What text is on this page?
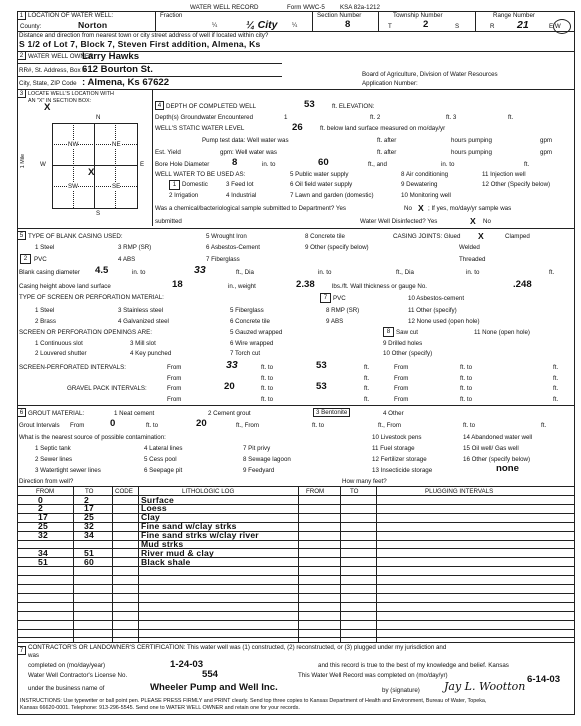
WATER WELL RECORD	Form WWC-5 KSA 82a-1212
1 LOCATION OF WATER WELL:	Fraction	Section Number	Township Number	Range Number
County:	Norton	¼	¼ City ¼	8	T	2	S	R 21	E W
Distance and direction from nearest town or city street address of well if located within city?
S 1/2 of Lot 7, Block 7, Steven First addition, Almena, Ks
2 WATER WELL OWNER:
Larry Hawks
RR#, St. Address, Box # :
612 Bourton St.	Board of Agriculture, Division of Water Resources
City, State, ZIP Code : Almena, Ks 67622	Application Number:
3 LOCATE WELL'S LOCATION WITH
AN "X" IN SECTION BOX:
X
N
S
W	E
1 Mile
NW	NE
SW	SE
X
4 DEPTH OF COMPLETED WELL	53	ft. ELEVATION:
Depth(s) Groundwater Encountered	1	ft. 2	ft. 3	ft.
WELL'S STATIC WATER LEVEL	26	ft. below land surface measured on mo/day/yr
Pump test data: Well water was	ft. after	hours pumping	gpm
Est. Yield	gpm: Well water was	ft. after	hours pumping	gpm
Bore Hole Diameter 8	in. to	60	ft., and	in. to	ft.
WELL WATER TO BE USED AS:	5 Public water supply	8 Air conditioning	11 Injection well
1 Domestic	3 Feed lot	6 Oil field water supply	9 Dewatering	12 Other (Specify below)
2 Irrigation	4 Industrial	7 Lawn and garden (domestic)	10 Monitoring well
Was a chemical/bacteriological sample submitted to Department? Yes	No X ; If yes, mo/day/yr sample was
submitted	Water Well Disinfected? Yes	X No
5 TYPE OF BLANK CASING USED:	5 Wrought Iron	8 Concrete tile	CASING JOINTS: Glued X	Clamped
1 Steel	3 RMP (SR)	6 Asbestos-Cement	9 Other (specify below)	Welded
2	PVC	4 ABS	7 Fiberglass	Threaded
Blank casing diameter 4.5	in. to	33	ft., Dia	in. to	ft., Dia	in. to	ft.
Casing height above land surface	18	in., weight	2.38	lbs./ft. Wall thickness or gauge No.	.248
TYPE OF SCREEN OR PERFORATION MATERIAL:	7 PVC	10 Asbestos-cement
1 Steel	3 Stainless steel	5 Fiberglass	8 RMP (SR)	11 Other (specify)
2 Brass	4 Galvanized steel	6 Concrete tile	9 ABS	12 None used (open hole)
SCREEN OR PERFORATION OPENINGS ARE:	5 Gauzed wrapped	8 Saw cut	11 None (open hole)
1 Continuous slot	3 Mill slot	6 Wire wrapped	9 Drilled holes
2 Louvered shutter	4 Key punched	7 Torch cut	10 Other (specify)
SCREEN-PERFORATED INTERVALS:	From	33	ft. to	53	ft.	From	ft. to	ft.
From	ft. to	ft.	From	ft. to	ft.
GRAVEL PACK INTERVALS:	From	20	ft. to	53	ft.	From	ft. to	ft.
From	ft. to	ft.	From	ft. to	ft.
6 GROUT MATERIAL:	1 Neat cement	2 Cement grout	3 Bentonite	4 Other
Grout Intervals From	0	ft. to	20	ft., From	ft. to	ft., From	ft. to	ft.
What is the nearest source of possible contamination:	10 Livestock pens	14 Abandoned water well
1 Septic tank	4 Lateral lines	7 Pit privy	11 Fuel storage	15 Oil well/ Gas well
2 Sewer lines	5 Cess pool	8 Sewage lagoon	12 Fertilizer storage	16 Other (specify below)
3 Watertight sewer lines	6 Seepage pit	9 Feedyard	13 Insecticide storage	none
Direction from well?	How many feet?
FROM	TO	CODE	LITHOLOGIC LOG	FROM	TO	PLUGGING INTERVALS
0	2	Surface
2	17	Loess
17	25	Clay
25	32	Fine sand w/clay strks
32	34	Fine sand strks w/clay river
Mud strks
34	51	River mud & clay
51	60	Black shale
7 CONTRACTOR'S OR LANDOWNER'S CERTIFICATION: This water well was (1) constructed, (2) reconstructed, or (3) plugged under my jurisdiction and
was
completed on (mo/day/year)	1-24-03	and this record is true to the best of my knowledge and belief. Kansas
Water Well Contractor's License No.	554	This Water Well Record was completed on (mo/day/yr)	6-14-03
under the business name of	Wheeler Pump and Well Inc.	by (signature) Jay L. Wootton
INSTRUCTIONS: Use typewriter or ball point pen. PLEASE PRESS FIRMLY and PRINT clearly. Send top three copies to Kansas Department of Health and Environment, Bureau of Water, Topeka,
Kansas 66620-0001. Telephone: 913-296-5545. Send one to WATER WELL OWNER and retain one for your records.
